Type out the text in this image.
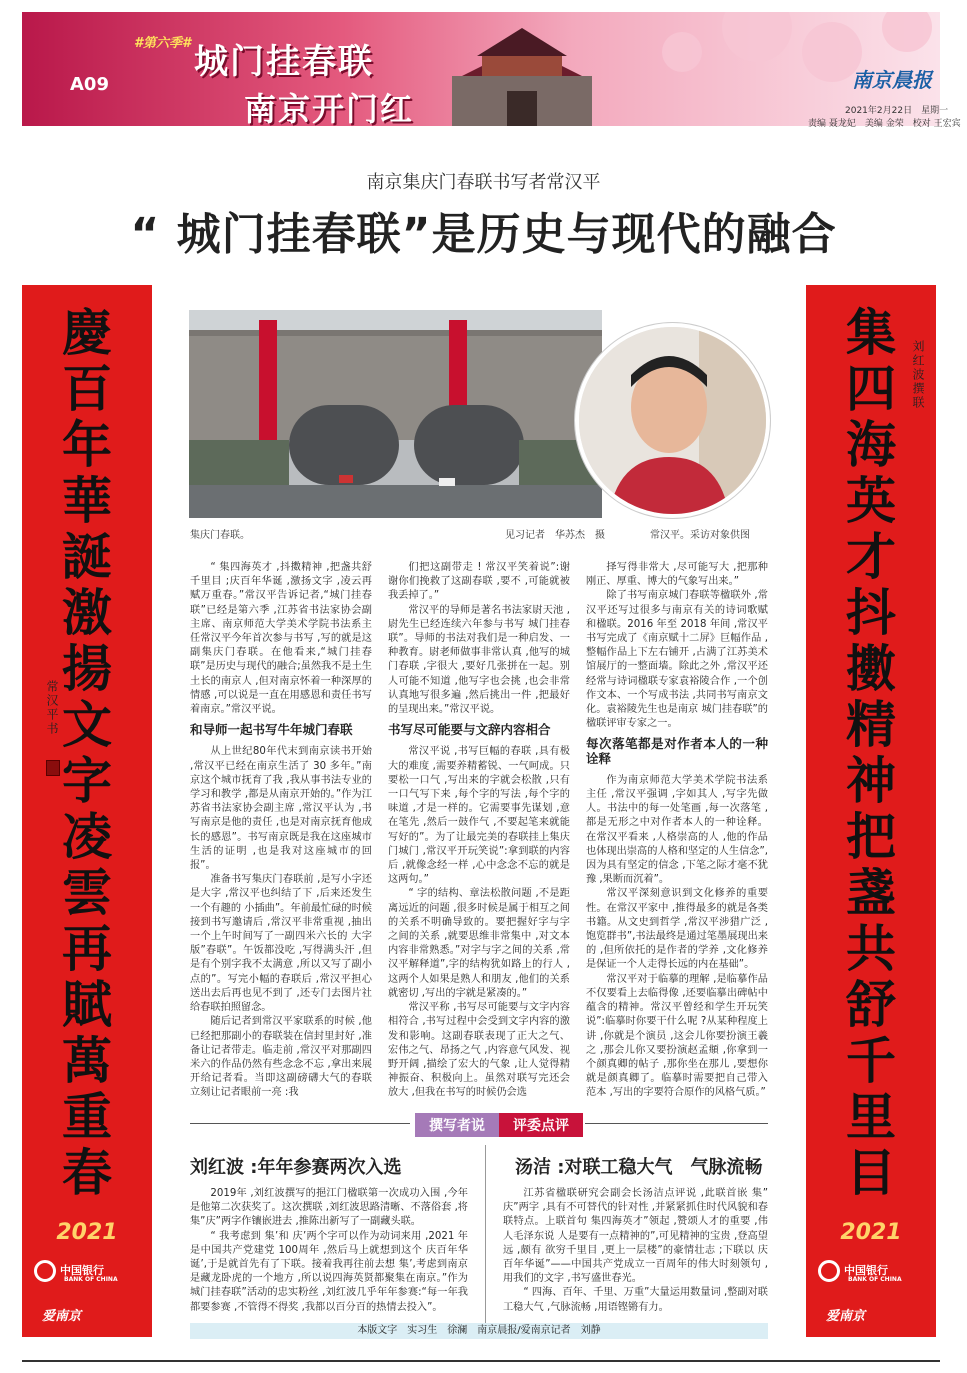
A09
#第六季# 城门挂春联
南京开门红
南京晨报
2021年2月22日　星期一
责编 聂龙妃　美编 金荣　校对 王宏宾
南京集庆门春联书写者常汉平
“ 城门挂春联”是历史与现代的融合
慶
百
年
華
誕
激
揚
文
字
凌
雲
再
賦
萬
重
春
常汉平书
2021
中国银行
BANK OF CHINA
爱南京
集
四
海
英
才
抖
擻
精
神
把
盞
共
舒
千
里
目
刘红波撰联
2021
中国银行
BANK OF CHINA
爱南京
集庆门春联。	见习记者　华苏杰　摄	常汉平。采访对象供图

“ 集四海英才 ,抖擞精神 ,把盏共舒千里目 ;庆百年华诞 ,激扬文字 ,凌云再赋万重春。”常汉平告诉记者,“城门挂春联”已经是第六季 ,江苏省书法家协会副主席、南京师范大学美术学院书法系主任常汉平今年首次参与书写 ,写的就是这副集庆门春联。在他看来,“城门挂春联”是历史与现代的融合;虽然我不是土生土长的南京人 ,但对南京怀着一种深厚的情感 ,可以说是一直在用感恩和责任书写着南京。”常汉平说。

和导师一起书写牛年城门春联

从上世纪80年代末到南京读书开始 ,常汉平已经在南京生活了 30 多年。”南京这个城市抚育了我 ,我从事书法专业的学习和教学 ,都是从南京开始的。”作为江苏省书法家协会副主席 ,常汉平认为 ,书写南京是他的责任 ,也是对南京抚育他成长的感恩”。书写南京既是我在这座城市生活的证明 ,也是我对这座城市的回报”。

准备书写集庆门春联前 ,是写小字还是大字 ,常汉平也纠结了下 ,后来还发生一个有趣的 小插曲”。年前最忙碌的时候接到书写邀请后 ,常汉平非常重视 ,抽出一个上午时间写了一副四米六长的 大字版”春联”。午饭都没吃 ,写得满头汗 ,但是有个别字我不太满意 ,所以又写了副小点的”。写完小幅的春联后 ,常汉平担心送出去后再也见不到了 ,还专门去图片社给春联拍照留念。

随后记者到常汉平家联系的时候 ,他已经把那副小的春联装在信封里封好 ,准备让记者带走。临走前 ,常汉平对那副四米六的作品仍然有些念念不忘 ,拿出来展开给记者看。当即这副磅礴大气的春联立刻让记者眼前一亮 :我

们把这副带走 ! 常汉平笑着说”:谢谢你们挽救了这副春联 ,要不 ,可能就被我丢掉了。”

常汉平的导师是著名书法家尉天池 ,尉先生已经连续六年参与书写 城门挂春联”。导师的书法对我们是一种启发、一种教育。尉老师做事非常认真 ,他写的城门春联 ,字很大 ,要好几张拼在一起。别人可能不知道 ,他写字也会挑 ,也会非常认真地写很多遍 ,然后挑出一件 ,把最好的呈现出来。”常汉平说。

书写尽可能要与文辞内容相合

常汉平说 ,书写巨幅的春联 ,具有极大的难度 ,需要养精蓄锐、一气呵成。只要松一口气 ,写出来的字就会松散 ,只有一口气写下来 ,每个字的写法 ,每个字的味道 ,才是一样的。它需要事先谋划 ,意在笔先 ,然后一鼓作气 ,不要起笔来就能写好的”。为了让最完美的春联挂上集庆门城门 ,常汉平开玩笑说”:拿到联的内容后 ,就像念经一样 ,心中念念不忘的就是这两句。”

“ 字的结构、章法松散问题 ,不是距离远近的问题 ,很多时候是属于相互之间的关系不明确导致的。要把握好字与字之间的关系 ,就要思维非常集中 ,对文本内容非常熟悉。”对字与字之间的关系 ,常汉平解释道”,字的结构犹如路上的行人 ,这两个人如果是熟人和朋友 ,他们的关系就密切 ,写出的字就是紧凑的。”

常汉平称 ,书写尽可能要与文字内容相符合 ,书写过程中会受到文字内容的激发和影响。这副春联表现了正大之气、宏伟之气、昂扬之气 ,内容意气风发、视野开阔 ,描绘了宏大的气象 ,让人觉得精神振奋、积极向上。虽然对联写完还会放大 ,但我在书写的时候仍会选

择写得非常大 ,尽可能写大 ,把那种刚正、厚重、博大的气象写出来。”

除了书写南京城门春联等楹联外 ,常汉平还写过很多与南京有关的诗词歌赋和楹联。2016 年至 2018 年间 ,常汉平书写完成了《南京赋十二屏》巨幅作品 ,整幅作品上下左右铺开 ,占满了江苏美术馆展厅的一整面墙。除此之外 ,常汉平还经常与诗词楹联专家袁裕陵合作 ,一个创作文本、一个写成书法 ,共同书写南京文化。袁裕陵先生也是南京 城门挂春联”的楹联评审专家之一。

每次落笔都是对作者本人的一种诠释

作为南京师范大学美术学院书法系主任 ,常汉平强调 ,字如其人 ,写字先做人。书法中的每一处笔画 ,每一次落笔 ,都是无形之中对作者本人的一种诠释。在常汉平看来 ,人格崇高的人 ,他的作品也体现出崇高的人格和坚定的人生信念”,因为具有坚定的信念 ,下笔之际才毫不犹豫 ,果断而沉着”。

常汉平深刻意识到文化修养的重要性。在常汉平家中 ,推得最多的就是各类书籍。从文史到哲学 ,常汉平涉猎广泛 ,饱览群书”,书法最终是通过笔墨展现出来的 ,但所依托的是作者的学养 ,文化修养是保证一个人走得长远的内在基础”。

常汉平对于临摹的理解 ,是临摹作品不仅要看上去临得像 ,还要临摹出碑帖中蕴含的精神。常汉平曾经和学生开玩笑说”:临摹时你要干什么呢 ?从某种程度上讲 ,你就是个演员 ,这会儿你要扮演王羲之 ,那会儿你又要扮演赵孟頫 ,你拿到一个颜真卿的帖子 ,那你坐在那儿 ,要想你就是颜真卿了。临摹时需要把自己带入范本 ,写出的字要符合原作的风格气质。”

撰写者说 评委点评
刘红波 :年年参赛两次入选	汤洁 :对联工稳大气　气脉流畅

2019年 ,刘红波撰写的挹江门楹联第一次成功入围 ,今年是他第二次获奖了。这次撰联 ,刘红波思路清晰、不落俗套 ,将 集”庆”两字作镶嵌进去 ,推陈出新写了一副藏头联。

“ 我考虑到 集’和 庆’两个字可以作为动词来用 ,2021 年是中国共产党建党 100周年 ,然后马上就想到这个 庆百年华诞’,于是就首先有了下联。接着我再往前去想 集’,考虑到南京是藏龙卧虎的一个地方 ,所以说四海英贤都聚集在南京。”作为 城门挂春联”活动的忠实粉丝 ,刘红波几乎年年参赛:“每一年我都要参赛 ,不管得不得奖 ,我都以百分百的热情去投入”。

江苏省楹联研究会副会长汤洁点评说 ,此联首嵌 集” 庆”两字 ,具有不可替代的针对性 ,并紧紧抓住时代风貌和春联特点。上联首句 集四海英才”领起 ,赞颂人才的重要 ,伟人毛泽东说 人是要有一点精神的”,可见精神的宝贵 ,登高望远 ,颇有 欲穷千里目 ,更上一层楼”的豪情壮志 ;下联以 庆百年华诞”——中国共产党成立一百周年的伟大时刻领句 ,用我们的文字 ,书写盛世春光。

“ 四海、百年、千里、万重”大量运用数量词 ,整副对联工稳大气 ,气脉流畅 ,用语铿锵有力。

本版文字　实习生　徐澜　南京晨报/爱南京记者　刘静
